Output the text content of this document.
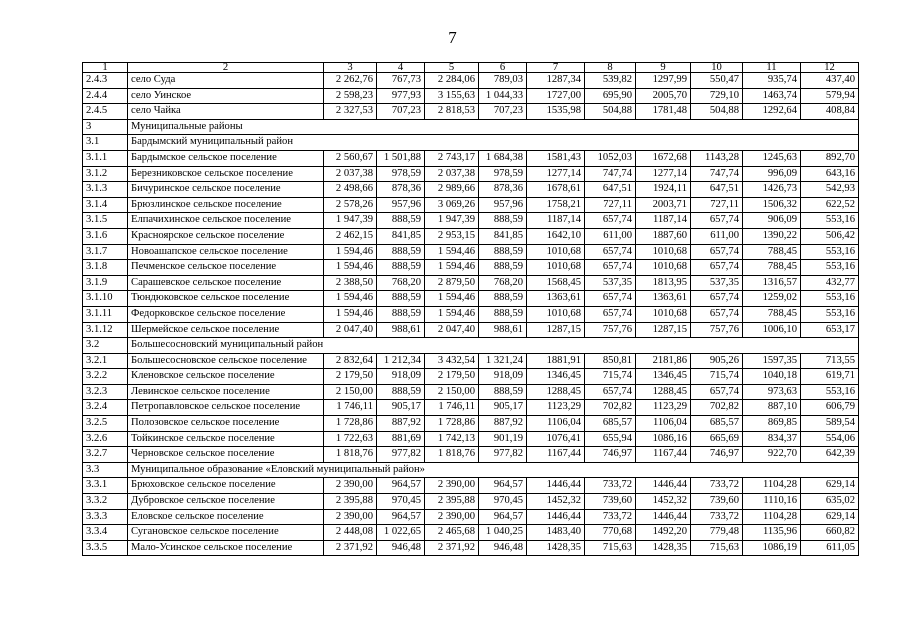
7
1	2	3	4	5	6	7	8	9	10	11	12
2.4.3	село Суда	2 262,76	767,73	2 284,06	789,03	1287,34	539,82	1297,99	550,47	935,74	437,40
2.4.4	село Уинское	2 598,23	977,93	3 155,63	1 044,33	1727,00	695,90	2005,70	729,10	1463,74	579,94
2.4.5	село Чайка	2 327,53	707,23	2 818,53	707,23	1535,98	504,88	1781,48	504,88	1292,64	408,84
3	Муниципальные районы										
3.1	Бардымский муниципальный район										
3.1.1	Бардымское сельское поселение	2 560,67	1 501,88	2 743,17	1 684,38	1581,43	1052,03	1672,68	1143,28	1245,63	892,70
3.1.2	Березниковское сельское поселение	2 037,38	978,59	2 037,38	978,59	1277,14	747,74	1277,14	747,74	996,09	643,16
3.1.3	Бичуринское сельское поселение	2 498,66	878,36	2 989,66	878,36	1678,61	647,51	1924,11	647,51	1426,73	542,93
3.1.4	Брюзлинское сельское поселение	2 578,26	957,96	3 069,26	957,96	1758,21	727,11	2003,71	727,11	1506,32	622,52
3.1.5	Елпачихинское сельское поселение	1 947,39	888,59	1 947,39	888,59	1187,14	657,74	1187,14	657,74	906,09	553,16
3.1.6	Красноярское сельское поселение	2 462,15	841,85	2 953,15	841,85	1642,10	611,00	1887,60	611,00	1390,22	506,42
3.1.7	Новоашапское сельское поселение	1 594,46	888,59	1 594,46	888,59	1010,68	657,74	1010,68	657,74	788,45	553,16
3.1.8	Печменское сельское поселение	1 594,46	888,59	1 594,46	888,59	1010,68	657,74	1010,68	657,74	788,45	553,16
3.1.9	Сарашевское сельское поселение	2 388,50	768,20	2 879,50	768,20	1568,45	537,35	1813,95	537,35	1316,57	432,77
3.1.10	Тюндюковское сельское поселение	1 594,46	888,59	1 594,46	888,59	1363,61	657,74	1363,61	657,74	1259,02	553,16
3.1.11	Федорковское сельское поселение	1 594,46	888,59	1 594,46	888,59	1010,68	657,74	1010,68	657,74	788,45	553,16
3.1.12	Шермейское сельское поселение	2 047,40	988,61	2 047,40	988,61	1287,15	757,76	1287,15	757,76	1006,10	653,17
3.2	Большесосновский муниципальный район										
3.2.1	Большесосновское сельское поселение	2 832,64	1 212,34	3 432,54	1 321,24	1881,91	850,81	2181,86	905,26	1597,35	713,55
3.2.2	Кленовское сельское поселение	2 179,50	918,09	2 179,50	918,09	1346,45	715,74	1346,45	715,74	1040,18	619,71
3.2.3	Левинское сельское поселение	2 150,00	888,59	2 150,00	888,59	1288,45	657,74	1288,45	657,74	973,63	553,16
3.2.4	Петропавловское сельское поселение	1 746,11	905,17	1 746,11	905,17	1123,29	702,82	1123,29	702,82	887,10	606,79
3.2.5	Полозовское сельское поселение	1 728,86	887,92	1 728,86	887,92	1106,04	685,57	1106,04	685,57	869,85	589,54
3.2.6	Тойкинское сельское поселение	1 722,63	881,69	1 742,13	901,19	1076,41	655,94	1086,16	665,69	834,37	554,06
3.2.7	Черновское сельское поселение	1 818,76	977,82	1 818,76	977,82	1167,44	746,97	1167,44	746,97	922,70	642,39
3.3	Муниципальное образование «Еловский муниципальный район»										
3.3.1	Брюховское сельское поселение	2 390,00	964,57	2 390,00	964,57	1446,44	733,72	1446,44	733,72	1104,28	629,14
3.3.2	Дубровское сельское поселение	2 395,88	970,45	2 395,88	970,45	1452,32	739,60	1452,32	739,60	1110,16	635,02
3.3.3	Еловское сельское поселение	2 390,00	964,57	2 390,00	964,57	1446,44	733,72	1446,44	733,72	1104,28	629,14
3.3.4	Сугановское сельское поселение	2 448,08	1 022,65	2 465,68	1 040,25	1483,40	770,68	1492,20	779,48	1135,96	660,82
3.3.5	Мало-Усинское сельское поселение	2 371,92	946,48	2 371,92	946,48	1428,35	715,63	1428,35	715,63	1086,19	611,05
